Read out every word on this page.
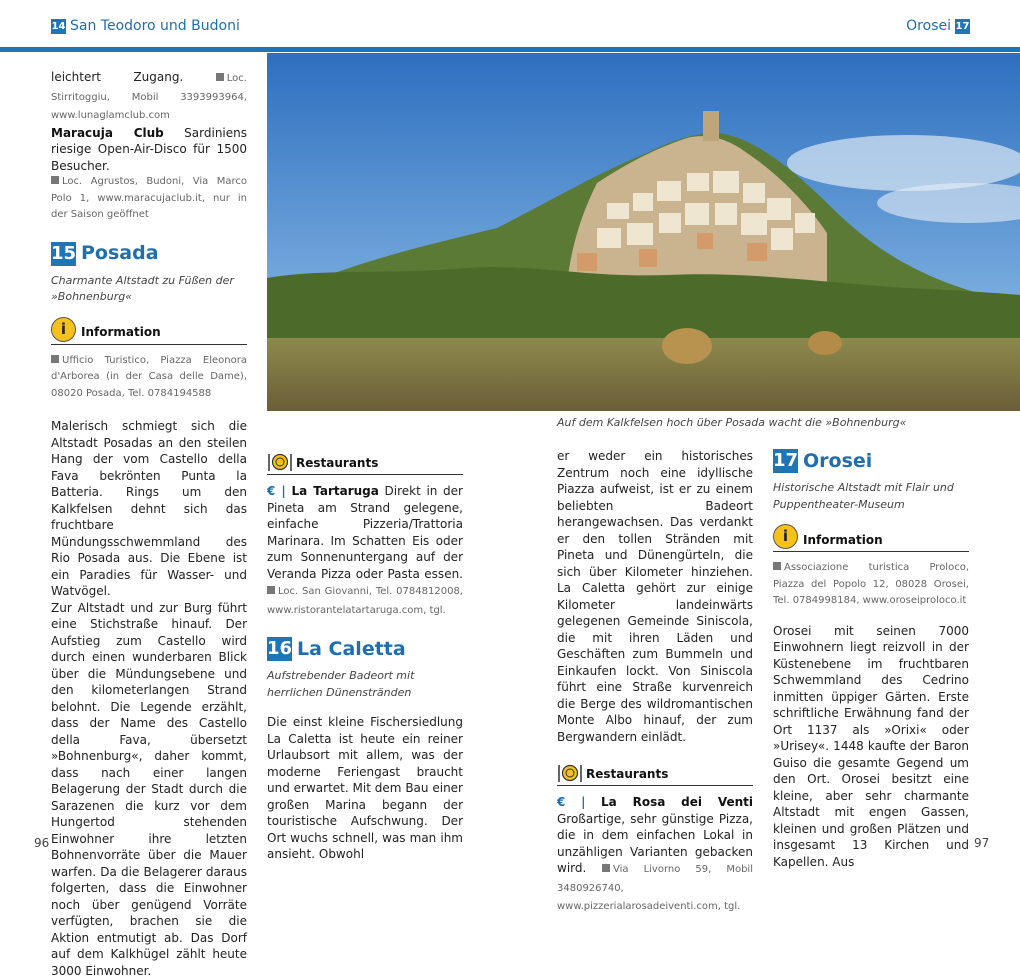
14 San Teodoro und Budoni	Orosei 17
leichtert Zugang.	Loc. Stirritoggiu, Mobil 3393993964, www.lunaglamclub.com
Maracuja Club Sardiniens riesige Open-Air-Disco für 1500 Besucher.
Loc. Agrustos, Budoni, Via Marco Polo 1, www.maracujaclub.it, nur in der Saison geöffnet
15 Posada
Charmante Altstadt zu Füßen der »Bohnenburg«
i	Information
Ufficio Turistico, Piazza Eleonora d'Arborea (in der Casa delle Dame), 08020 Posada, Tel. 0784194588
Malerisch schmiegt sich die Altstadt Posadas an den steilen Hang der vom Castello della Fava bekrönten Punta la Batteria. Rings um den Kalkfelsen dehnt sich das fruchtbare Mündungsschwemmland des Rio Posada aus. Die Ebene ist ein Paradies für Wasser- und Watvögel.
Zur Altstadt und zur Burg führt eine Stichstraße hinauf. Der Aufstieg zum Castello wird durch einen wunderbaren Blick über die Mündungsebene und den kilometerlangen Strand belohnt. Die Legende erzählt, dass der Name des Castello della Fava, übersetzt »Bohnenburg«, daher kommt, dass nach einer langen Belagerung der Stadt durch die Sarazenen die kurz vor dem Hungertod stehenden Einwohner ihre letzten Bohnenvorräte über die Mauer warfen. Da die Belagerer daraus folgerten, dass die Einwohner noch über genügend Vorräte verfügten, brachen sie die Aktion entmutigt ab. Das Dorf auf dem Kalkhügel zählt heute 3000 Einwohner.
Auf dem Kalkfelsen hoch über Posada wacht die »Bohnenburg«
Restaurants
€ | La Tartaruga Direkt in der Pineta am Strand gelegene, einfache Pizzeria/Trattoria Marinara. Im Schatten Eis oder zum Sonnenuntergang auf der Veranda Pizza oder Pasta essen. Loc. San Giovanni, Tel. 0784812008, www.ristorantelatartaruga.com, tgl.
16 La Caletta
Aufstrebender Badeort mit herrlichen Dünenstränden
Die einst kleine Fischersiedlung La Caletta ist heute ein reiner Urlaubsort mit allem, was der moderne Feriengast braucht und erwartet. Mit dem Bau einer großen Marina begann der touristische Aufschwung. Der Ort wuchs schnell, was man ihm ansieht. Obwohl
er weder ein historisches Zentrum noch eine idyllische Piazza aufweist, ist er zu einem beliebten Badeort herangewachsen. Das verdankt er den tollen Stränden mit Pineta und Dünengürteln, die sich über Kilometer hinziehen. La Caletta gehört zur einige Kilometer landeinwärts gelegenen Gemeinde Siniscola, die mit ihren Läden und Geschäften zum Bummeln und Einkaufen lockt. Von Siniscola führt eine Straße kurvenreich die Berge des wildromantischen Monte Albo hinauf, der zum Bergwandern einlädt.
Restaurants
€ | La Rosa dei Venti Großartige, sehr günstige Pizza, die in dem einfachen Lokal in unzähligen Varianten gebacken wird.	Via Livorno 59, Mobil 3480926740, www.pizzerialarosadeiventi.com, tgl.
17 Orosei
Historische Altstadt mit Flair und Puppentheater-Museum
i	Information
Associazione turistica Proloco, Piazza del Popolo 12, 08028 Orosei, Tel. 0784998184, www.oroseiproloco.it
Orosei mit seinen 7000 Einwohnern liegt reizvoll in der Küstenebene im fruchtbaren Schwemmland des Cedrino inmitten üppiger Gärten. Erste schriftliche Erwähnung fand der Ort 1137 als »Orixi« oder »Urisey«. 1448 kaufte der Baron Guiso die gesamte Gegend um den Ort. Orosei besitzt eine kleine, aber sehr charmante Altstadt mit engen Gassen, kleinen und großen Plätzen und insgesamt 13 Kirchen und Kapellen. Aus
96	97
